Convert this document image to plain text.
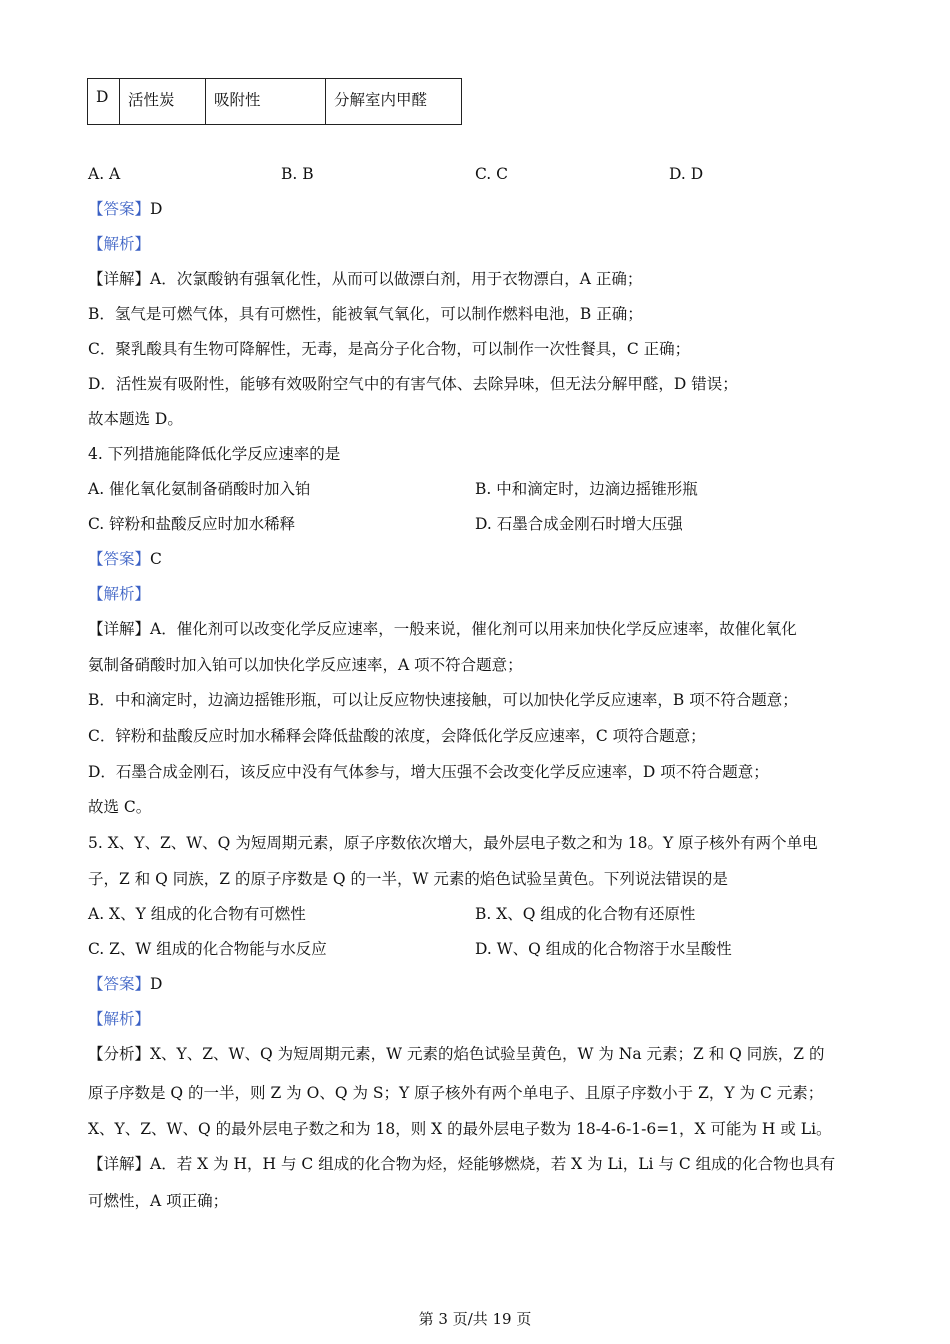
D	活性炭	吸附性	分解室内甲醛
A. A	B. B	C. C	D. D
【答案】D
【解析】
【详解】A．次氯酸钠有强氧化性，从而可以做漂白剂，用于衣物漂白，A 正确；
B．氢气是可燃气体，具有可燃性，能被氧气氧化，可以制作燃料电池，B 正确；
C．聚乳酸具有生物可降解性，无毒，是高分子化合物，可以制作一次性餐具，C 正确；
D．活性炭有吸附性，能够有效吸附空气中的有害气体、去除异味，但无法分解甲醛，D 错误；
故本题选 D。
4. 下列措施能降低化学反应速率的是
A. 催化氧化氨制备硝酸时加入铂	B. 中和滴定时，边滴边摇锥形瓶
C. 锌粉和盐酸反应时加水稀释	D. 石墨合成金刚石时增大压强
【答案】C
【解析】
【详解】A．催化剂可以改变化学反应速率，一般来说，催化剂可以用来加快化学反应速率，故催化氧化
氨制备硝酸时加入铂可以加快化学反应速率，A 项不符合题意；
B．中和滴定时，边滴边摇锥形瓶，可以让反应物快速接触，可以加快化学反应速率，B 项不符合题意；
C．锌粉和盐酸反应时加水稀释会降低盐酸的浓度，会降低化学反应速率，C 项符合题意；
D．石墨合成金刚石，该反应中没有气体参与，增大压强不会改变化学反应速率，D 项不符合题意；
故选 C。
5. X、Y、Z、W、Q 为短周期元素，原子序数依次增大，最外层电子数之和为 18。Y 原子核外有两个单电
子，Z 和 Q 同族，Z 的原子序数是 Q 的一半，W 元素的焰色试验呈黄色。下列说法错误的是
A. X、Y 组成的化合物有可燃性	B. X、Q 组成的化合物有还原性
C. Z、W 组成的化合物能与水反应	D. W、Q 组成的化合物溶于水呈酸性
【答案】D
【解析】
【分析】X、Y、Z、W、Q 为短周期元素，W 元素的焰色试验呈黄色，W 为 Na 元素；Z 和 Q 同族，Z 的
原子序数是 Q 的一半，则 Z 为 O、Q 为 S；Y 原子核外有两个单电子、且原子序数小于 Z，Y 为 C 元素；
X、Y、Z、W、Q 的最外层电子数之和为 18，则 X 的最外层电子数为 18-4-6-1-6=1，X 可能为 H 或 Li。
【详解】A．若 X 为 H，H 与 C 组成的化合物为烃，烃能够燃烧，若 X 为 Li，Li 与 C 组成的化合物也具有
可燃性，A 项正确；
第 3 页/共 19 页
